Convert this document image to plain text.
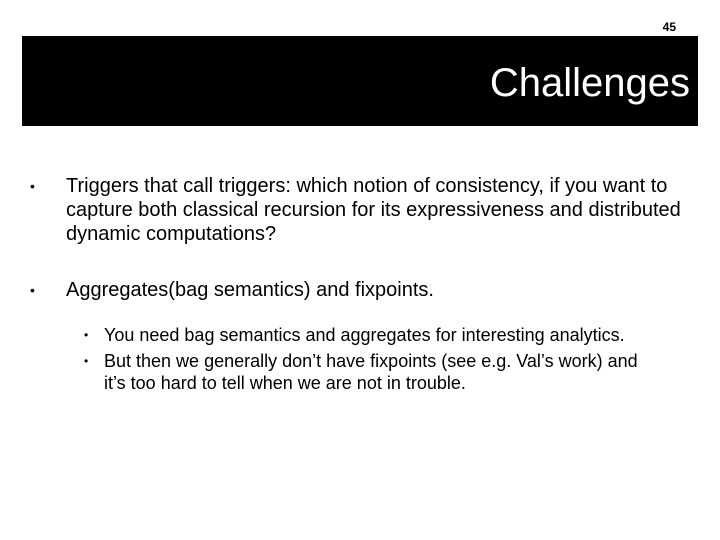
45
Challenges
• Triggers that call triggers: which notion of consistency, if you want to capture both classical recursion for its expressiveness and distributed dynamic computations?
• Aggregates(bag semantics) and fixpoints.
• You need bag semantics and aggregates for interesting analytics.
• But then we generally don’t have fixpoints (see e.g. Val’s work) and it’s too hard to tell when we are not in trouble.
